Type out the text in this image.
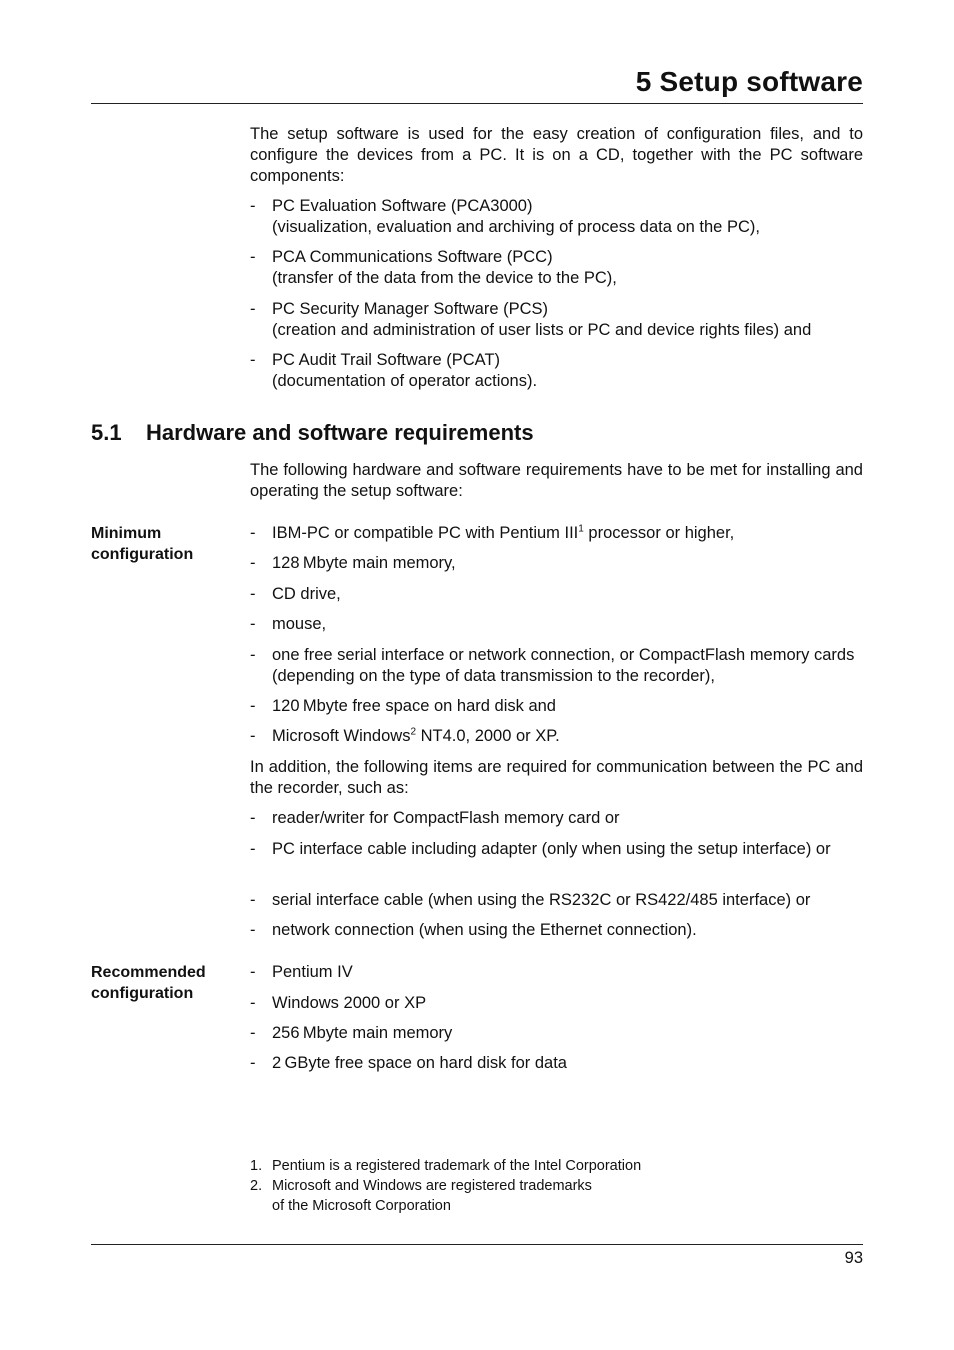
5 Setup software
The setup software is used for the easy creation of configuration files, and to configure the devices from a PC. It is on a CD, together with the PC software components:
- PC Evaluation Software (PCA3000)
(visualization, evaluation and archiving of process data on the PC),
- PCA Communications Software (PCC)
(transfer of the data from the device to the PC),
- PC Security Manager Software (PCS)
(creation and administration of user lists or PC and device rights files) and
- PC Audit Trail Software (PCAT)
(documentation of operator actions).
5.1 Hardware and software requirements
The following hardware and software requirements have to be met for installing and operating the setup software:
Minimum
configuration
- IBM-PC or compatible PC with Pentium III$^1$ processor or higher,
- 128 Mbyte main memory,
- CD drive,
- mouse,
- one free serial interface or network connection, or CompactFlash memory cards (depending on the type of data transmission to the recorder),
- 120 Mbyte free space on hard disk and
- Microsoft Windows$^2$ NT4.0, 2000 or XP.
In addition, the following items are required for communication between the PC and the recorder, such as:
- reader/writer for CompactFlash memory card or
- PC interface cable including adapter (only when using the setup interface) or
- serial interface cable (when using the RS232C or RS422/485 interface) or
- network connection (when using the Ethernet connection).
Recommended
configuration
- Pentium IV
- Windows 2000 or XP
- 256 Mbyte main memory
- 2 GByte free space on hard disk for data
1. Pentium is a registered trademark of the Intel Corporation
2. Microsoft and Windows are registered trademarks
of the Microsoft Corporation
93
